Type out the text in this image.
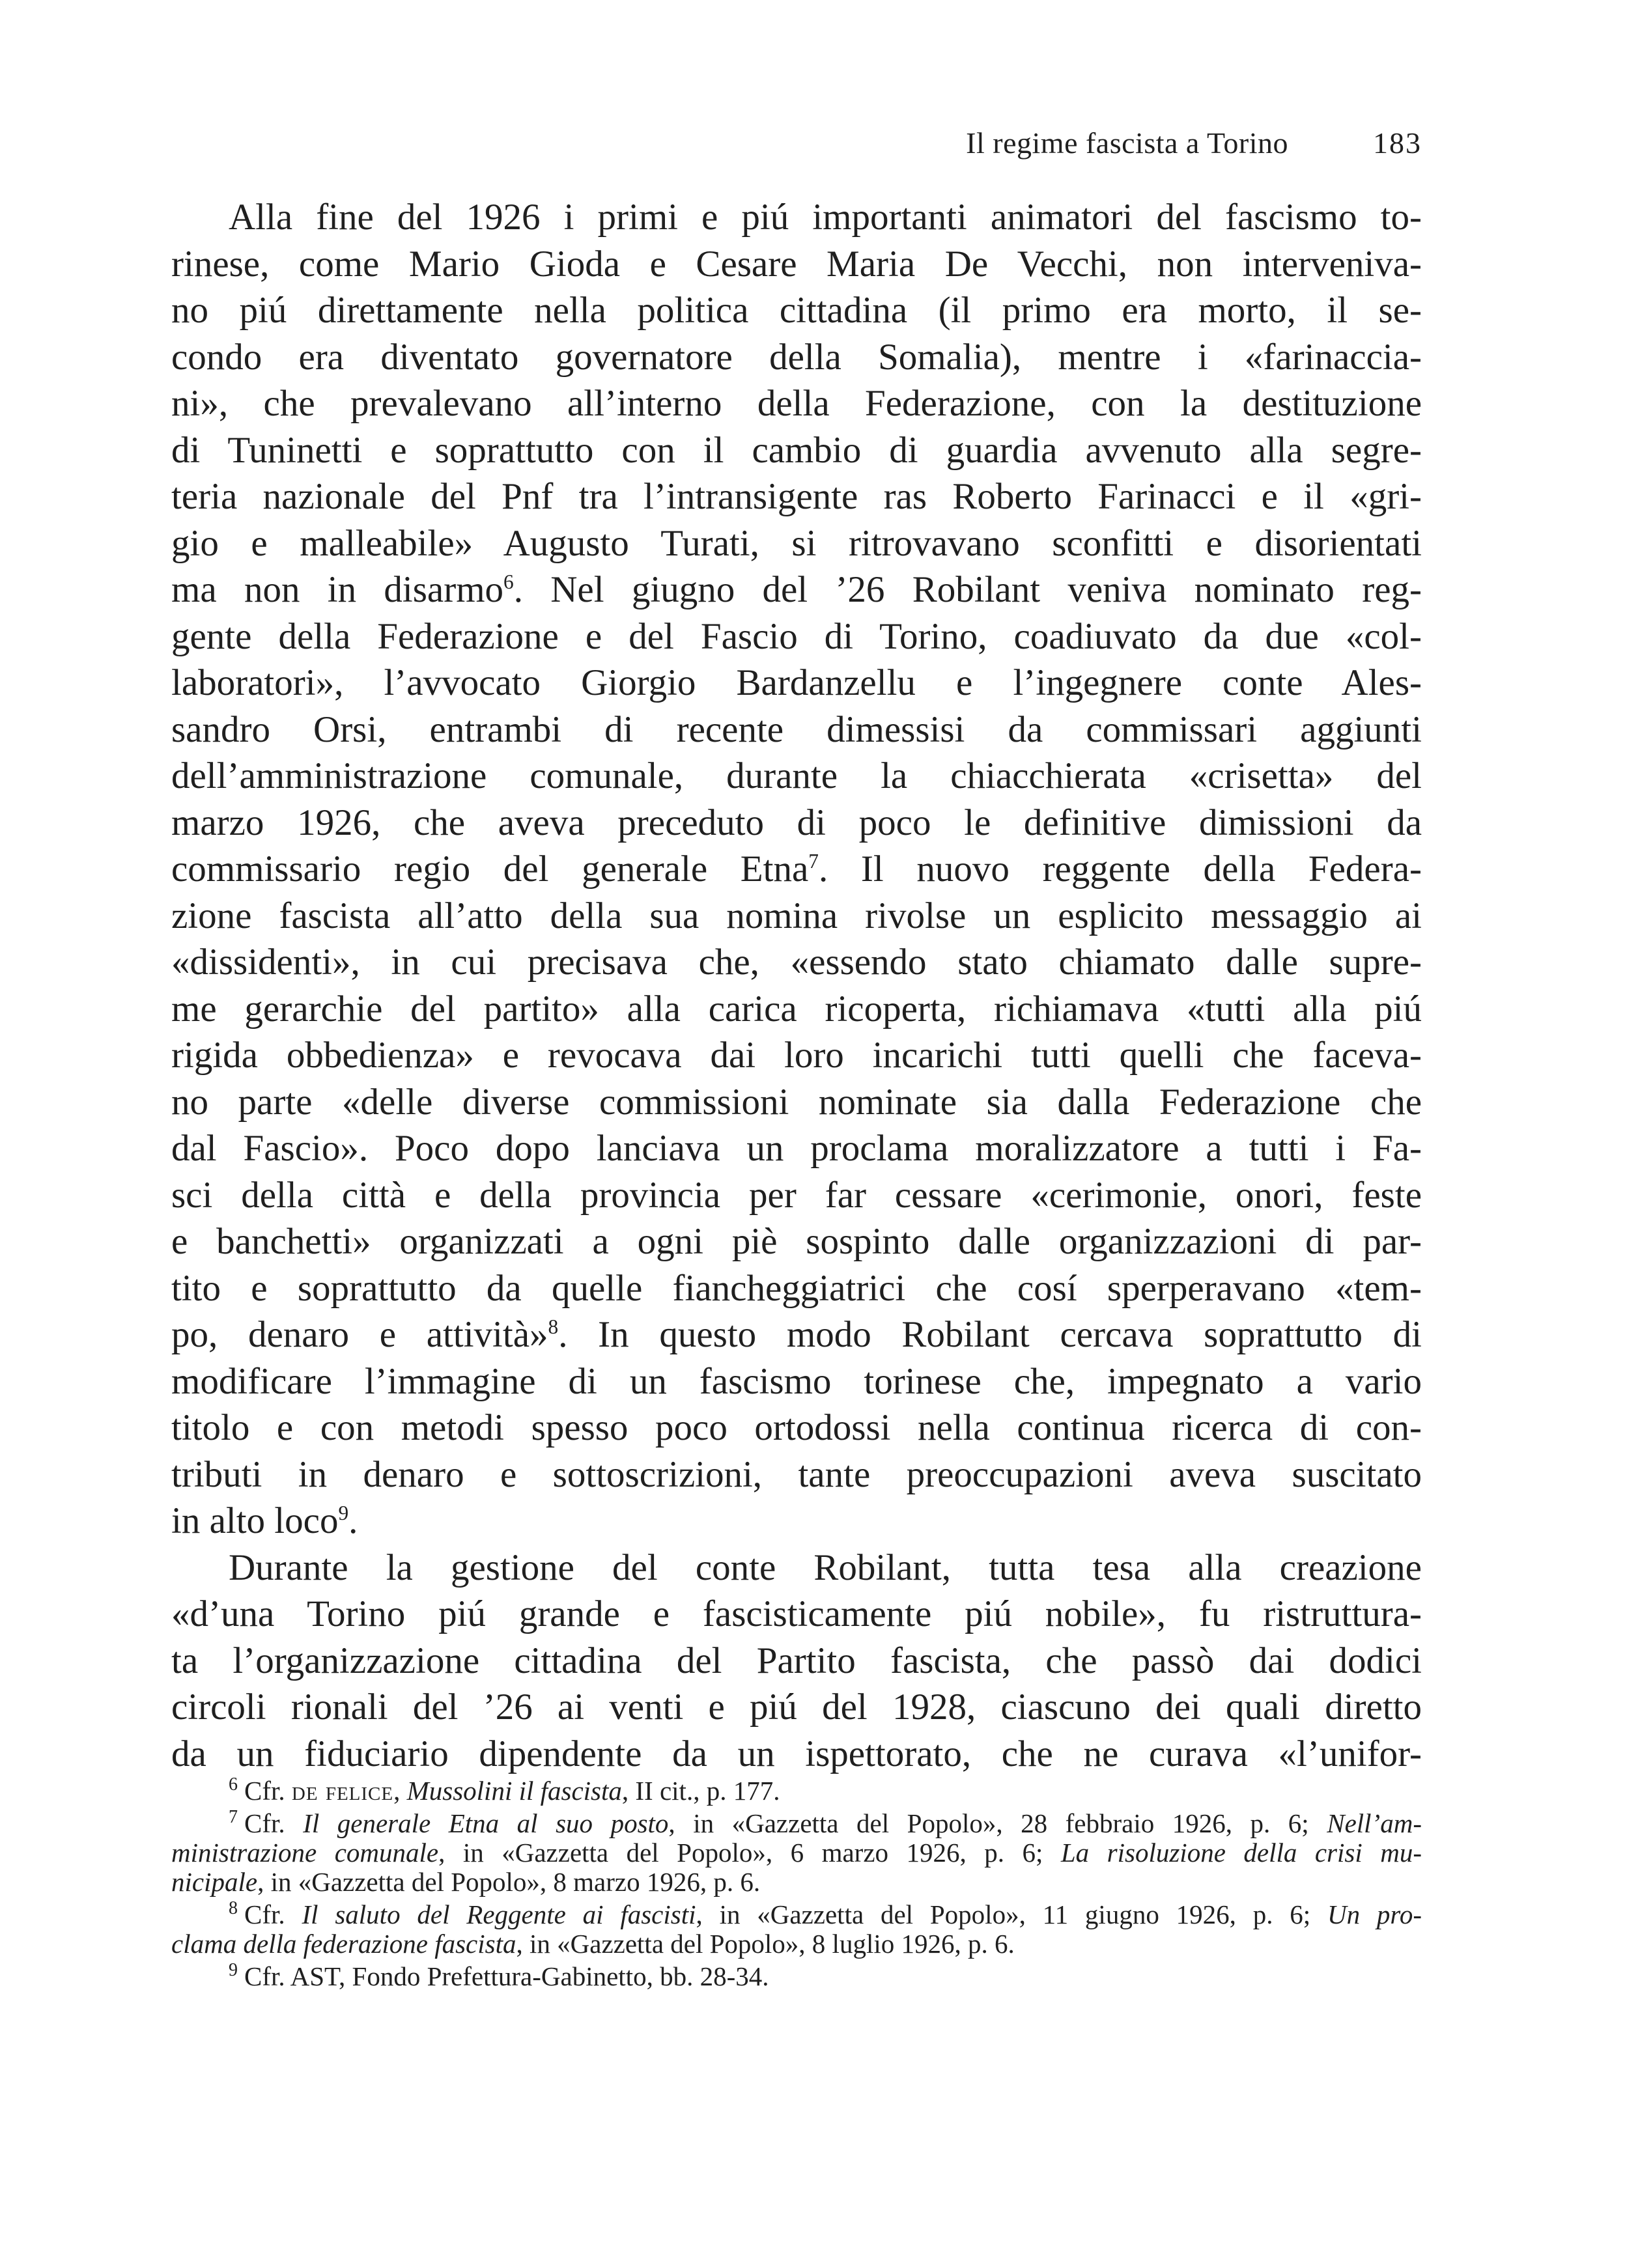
Il regime fascista a Torino	183
Alla fine del 1926 i primi e piú importanti animatori del fascismo to-
rinese, come Mario Gioda e Cesare Maria De Vecchi, non interveniva-
no piú direttamente nella politica cittadina (il primo era morto, il se-
condo era diventato governatore della Somalia), mentre i «farinaccia-
ni», che prevalevano all’interno della Federazione, con la destituzione
di Tuninetti e soprattutto con il cambio di guardia avvenuto alla segre-
teria nazionale del Pnf tra l’intransigente ras Roberto Farinacci e il «gri-
gio e malleabile» Augusto Turati, si ritrovavano sconfitti e disorientati
ma non in disarmo$^6$. Nel giugno del ’26 Robilant veniva nominato reg-
gente della Federazione e del Fascio di Torino, coadiuvato da due «col-
laboratori», l’avvocato Giorgio Bardanzellu e l’ingegnere conte Ales-
sandro Orsi, entrambi di recente dimessisi da commissari aggiunti
dell’amministrazione comunale, durante la chiacchierata «crisetta» del
marzo 1926, che aveva preceduto di poco le definitive dimissioni da
commissario regio del generale Etna$^7$. Il nuovo reggente della Federa-
zione fascista all’atto della sua nomina rivolse un esplicito messaggio ai
«dissidenti», in cui precisava che, «essendo stato chiamato dalle supre-
me gerarchie del partito» alla carica ricoperta, richiamava «tutti alla piú
rigida obbedienza» e revocava dai loro incarichi tutti quelli che faceva-
no parte «delle diverse commissioni nominate sia dalla Federazione che
dal Fascio». Poco dopo lanciava un proclama moralizzatore a tutti i Fa-
sci della città e della provincia per far cessare «cerimonie, onori, feste
e banchetti» organizzati a ogni piè sospinto dalle organizzazioni di par-
tito e soprattutto da quelle fiancheggiatrici che cosí sperperavano «tem-
po, denaro e attività»$^8$. In questo modo Robilant cercava soprattutto di
modificare l’immagine di un fascismo torinese che, impegnato a vario
titolo e con metodi spesso poco ortodossi nella continua ricerca di con-
tributi in denaro e sottoscrizioni, tante preoccupazioni aveva suscitato
in alto loco$^9$.
Durante la gestione del conte Robilant, tutta tesa alla creazione
«d’una Torino piú grande e fascisticamente piú nobile», fu ristruttura-
ta l’organizzazione cittadina del Partito fascista, che passò dai dodici
circoli rionali del ’26 ai venti e piú del 1928, ciascuno dei quali diretto
da un fiduciario dipendente da un ispettorato, che ne curava «l’unifor-
$^6$ Cfr. de felice, Mussolini il fascista, II cit., p. 177.
$^7$ Cfr. Il generale Etna al suo posto, in «Gazzetta del Popolo», 28 febbraio 1926, p. 6; Nell’am-
ministrazione comunale, in «Gazzetta del Popolo», 6 marzo 1926, p. 6; La risoluzione della crisi mu-
nicipale, in «Gazzetta del Popolo», 8 marzo 1926, p. 6.
$^8$ Cfr. Il saluto del Reggente ai fascisti, in «Gazzetta del Popolo», 11 giugno 1926, p. 6; Un pro-
clama della federazione fascista, in «Gazzetta del Popolo», 8 luglio 1926, p. 6.
$^9$ Cfr. AST, Fondo Prefettura-Gabinetto, bb. 28-34.
